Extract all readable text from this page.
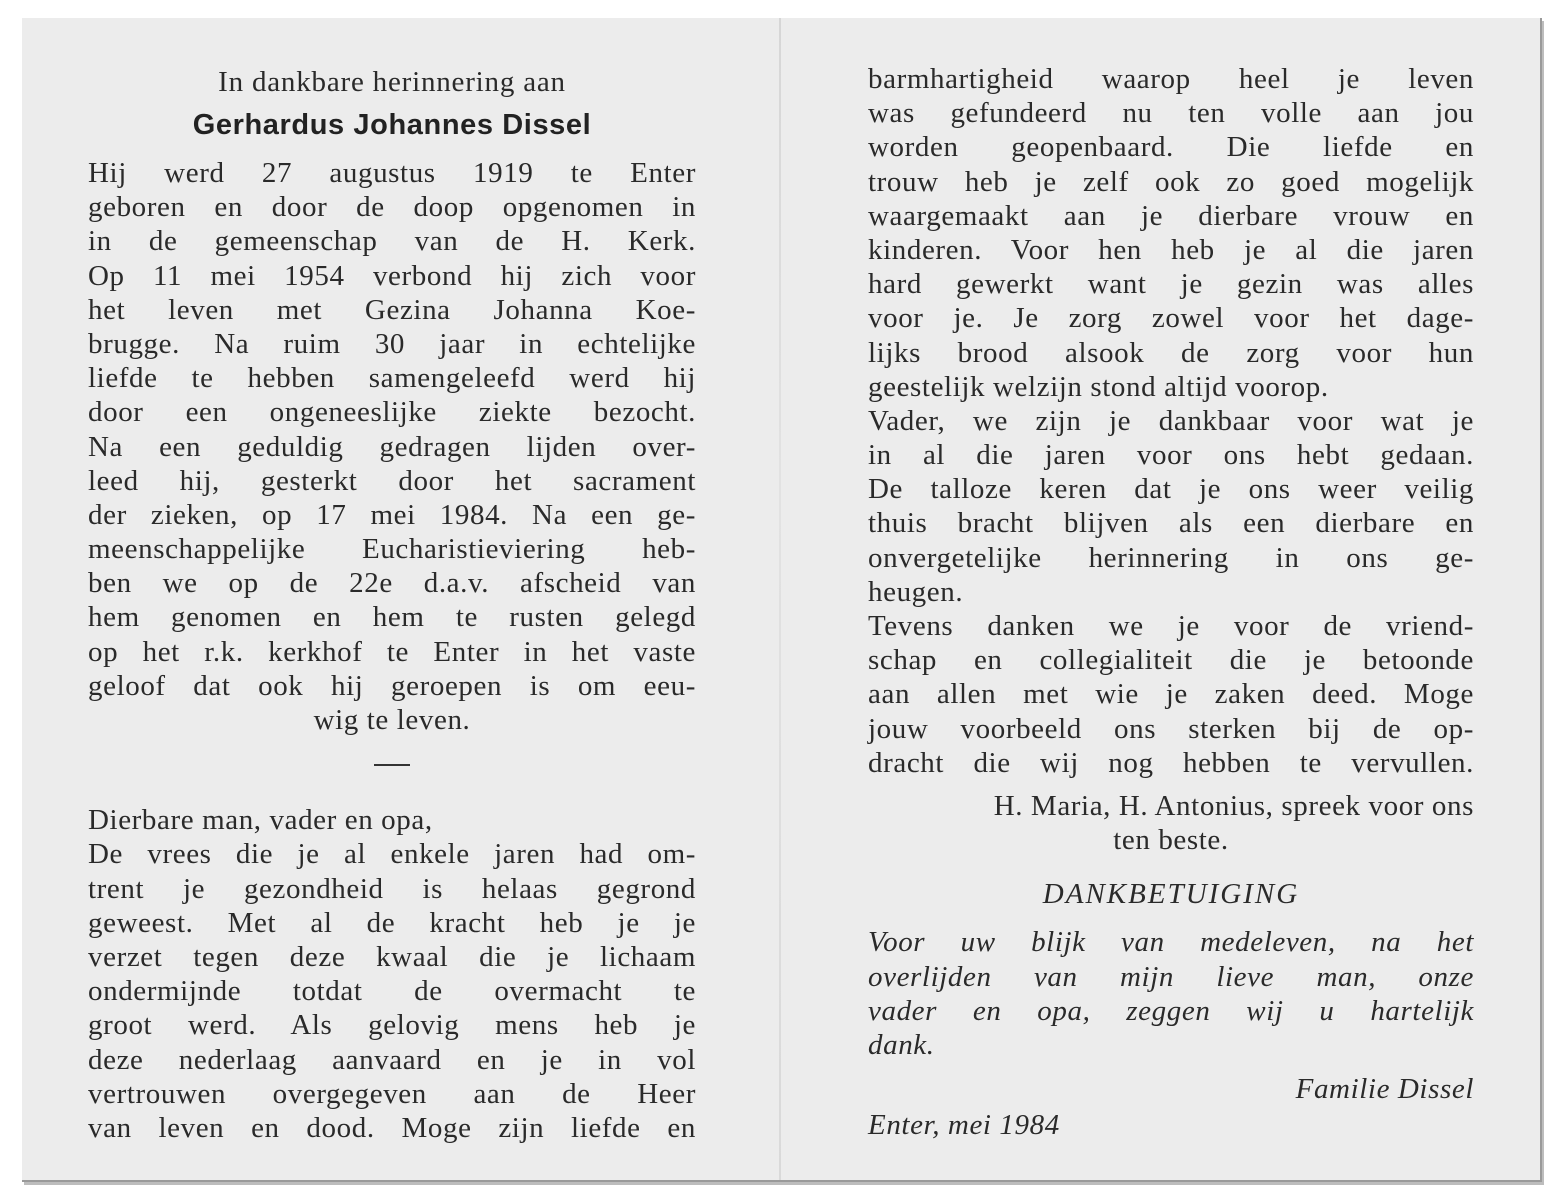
In dankbare herinnering aan
Gerhardus Johannes Dissel
Hij werd 27 augustus 1919 te Enter
geboren en door de doop opgenomen in
in de gemeenschap van de H. Kerk.
Op 11 mei 1954 verbond hij zich voor
het leven met Gezina Johanna Koe-
brugge. Na ruim 30 jaar in echtelijke
liefde te hebben samengeleefd werd hij
door een ongeneeslijke ziekte bezocht.
Na een geduldig gedragen lijden over-
leed hij, gesterkt door het sacrament
der zieken, op 17 mei 1984. Na een ge-
meenschappelijke Eucharistieviering heb-
ben we op de 22e d.a.v. afscheid van
hem genomen en hem te rusten gelegd
op het r.k. kerkhof te Enter in het vaste
geloof dat ook hij geroepen is om eeu-
wig te leven.
Dierbare man, vader en opa,
De vrees die je al enkele jaren had om-
trent je gezondheid is helaas gegrond
geweest. Met al de kracht heb je je
verzet tegen deze kwaal die je lichaam
ondermijnde totdat de overmacht te
groot werd. Als gelovig mens heb je
deze nederlaag aanvaard en je in vol
vertrouwen overgegeven aan de Heer
van leven en dood. Moge zijn liefde en
barmhartigheid waarop heel je leven
was gefundeerd nu ten volle aan jou
worden geopenbaard. Die liefde en
trouw heb je zelf ook zo goed mogelijk
waargemaakt aan je dierbare vrouw en
kinderen. Voor hen heb je al die jaren
hard gewerkt want je gezin was alles
voor je. Je zorg zowel voor het dage-
lijks brood alsook de zorg voor hun
geestelijk welzijn stond altijd voorop.
Vader, we zijn je dankbaar voor wat je
in al die jaren voor ons hebt gedaan.
De talloze keren dat je ons weer veilig
thuis bracht blijven als een dierbare en
onvergetelijke herinnering in ons ge-
heugen.
Tevens danken we je voor de vriend-
schap en collegialiteit die je betoonde
aan allen met wie je zaken deed. Moge
jouw voorbeeld ons sterken bij de op-
dracht die wij nog hebben te vervullen.
H. Maria, H. Antonius, spreek voor ons
ten beste.
DANKBETUIGING
Voor uw blijk van medeleven, na het
overlijden van mijn lieve man, onze
vader en opa, zeggen wij u hartelijk
dank.
Familie Dissel
Enter, mei 1984
